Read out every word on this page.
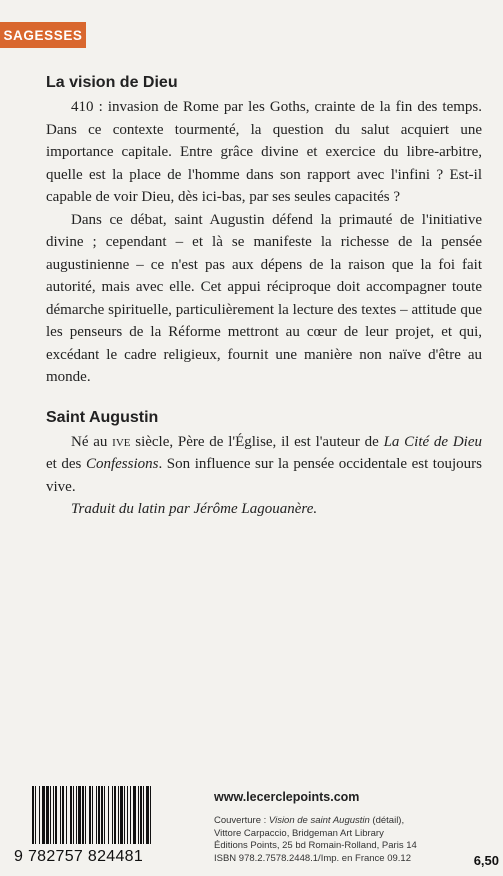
SAGESSES
La vision de Dieu

410 : invasion de Rome par les Goths, crainte de la fin des temps. Dans ce contexte tourmenté, la question du salut acquiert une importance capitale. Entre grâce divine et exercice du libre-arbitre, quelle est la place de l'homme dans son rapport avec l'infini ? Est-il capable de voir Dieu, dès ici-bas, par ses seules capacités ?

Dans ce débat, saint Augustin défend la primauté de l'initiative divine ; cependant – et là se manifeste la richesse de la pensée augustinienne – ce n'est pas aux dépens de la raison que la foi fait autorité, mais avec elle. Cet appui réciproque doit accompagner toute démarche spirituelle, particulièrement la lecture des textes – attitude que les penseurs de la Réforme mettront au cœur de leur projet, et qui, excédant le cadre religieux, fournit une manière non naïve d'être au monde.

Saint Augustin

Né au ive siècle, Père de l'Église, il est l'auteur de La Cité de Dieu et des Confessions. Son influence sur la pensée occidentale est toujours vive.

Traduit du latin par Jérôme Lagouanère.

9 782757 824481
www.lecerclepoints.com
Couverture : Vision de saint Augustin (détail),
Vittore Carpaccio, Bridgeman Art Library
Éditions Points, 25 bd Romain-Rolland, Paris 14
ISBN 978.2.7578.2448.1/Imp. en France 09.12	6,50
